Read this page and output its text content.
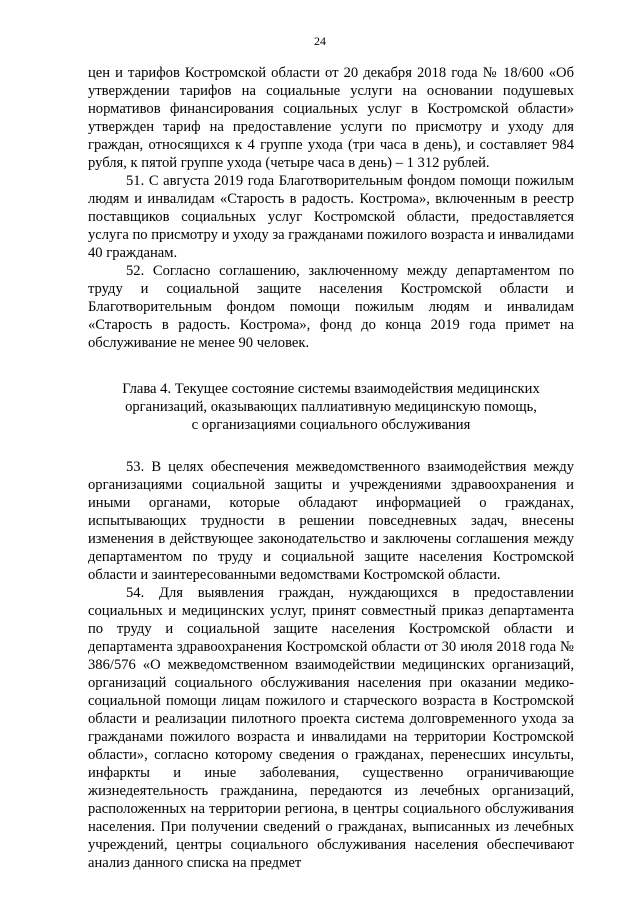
24

цен и тарифов Костромской области от 20 декабря 2018 года № 18/600 «Об утверждении тарифов на социальные услуги на основании подушевых нормативов финансирования социальных услуг в Костромской области» утвержден тариф на предоставление услуги по присмотру и уходу для граждан, относящихся к 4 группе ухода (три часа в день), и составляет 984 рубля, к пятой группе ухода (четыре часа в день) – 1 312 рублей.

51. С августа 2019 года Благотворительным фондом помощи пожилым людям и инвалидам «Старость в радость. Кострома», включенным в реестр поставщиков социальных услуг Костромской области, предоставляется услуга по присмотру и уходу за гражданами пожилого возраста и инвалидами 40 гражданам.

52. Согласно соглашению, заключенному между департаментом по труду и социальной защите населения Костромской области и Благотворительным фондом помощи пожилым людям и инвалидам «Старость в радость. Кострома», фонд до конца 2019 года примет на обслуживание не менее 90 человек.

Глава 4. Текущее состояние системы взаимодействия медицинских
организаций, оказывающих паллиативную медицинскую помощь,
с организациями социального обслуживания

53. В целях обеспечения межведомственного взаимодействия между организациями социальной защиты и учреждениями здравоохранения и иными органами, которые обладают информацией о гражданах, испытывающих трудности в решении повседневных задач, внесены изменения в действующее законодательство и заключены соглашения между департаментом по труду и социальной защите населения Костромской области и заинтересованными ведомствами Костромской области.

54. Для выявления граждан, нуждающихся в предоставлении социальных и медицинских услуг, принят совместный приказ департамента по труду и социальной защите населения Костромской области и департамента здравоохранения Костромской области от 30 июля 2018 года № 386/576 «О межведомственном взаимодействии медицинских организаций, организаций социального обслуживания населения при оказании медико-социальной помощи лицам пожилого и старческого возраста в Костромской области и реализации пилотного проекта система долговременного ухода за гражданами пожилого возраста и инвалидами на территории Костромской области», согласно которому сведения о гражданах, перенесших инсульты, инфаркты и иные заболевания, существенно ограничивающие жизнедеятельность гражданина, передаются из лечебных организаций, расположенных на территории региона, в центры социального обслуживания населения. При получении сведений о гражданах, выписанных из лечебных учреждений, центры социального обслуживания населения обеспечивают анализ данного списка на предмет
